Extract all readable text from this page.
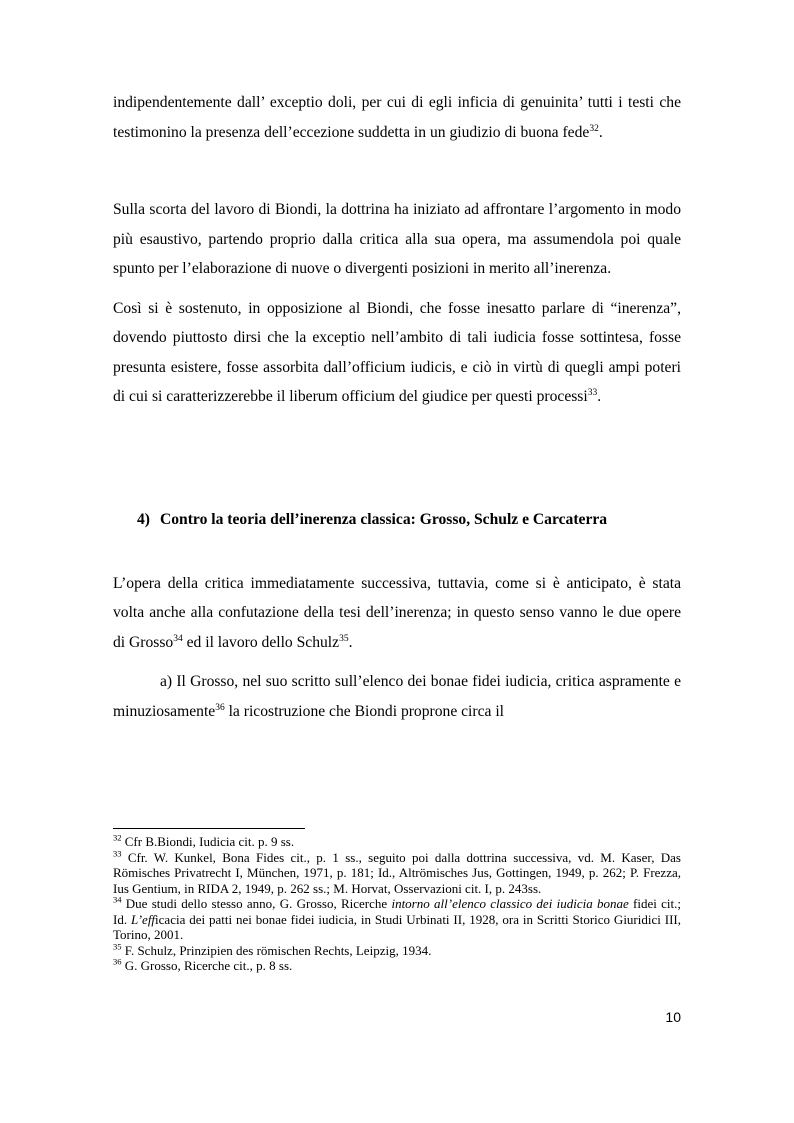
indipendentemente dall’ exceptio doli, per cui di egli inficia di genuinita’ tutti i testi che testimonino la presenza dell’eccezione suddetta in un giudizio di buona fede$^{32}$.

Sulla scorta del lavoro di Biondi, la dottrina ha iniziato ad affrontare l’argomento in modo più esaustivo, partendo proprio dalla critica alla sua opera, ma assumendola poi quale spunto per l’elaborazione di nuove o divergenti posizioni in merito all’inerenza.

Così si è sostenuto, in opposizione al Biondi, che fosse inesatto parlare di “inerenza”, dovendo piuttosto dirsi che la exceptio nell’ambito di tali iudicia fosse sottintesa, fosse presunta esistere, fosse assorbita dall’officium iudicis, e ciò in virtù di quegli ampi poteri di cui si caratterizzerebbe il liberum officium del giudice per questi processi$^{33}$.

4) Contro la teoria dell’inerenza classica: Grosso, Schulz e Carcaterra

L’opera della critica immediatamente successiva, tuttavia, come si è anticipato, è stata volta anche alla confutazione della tesi dell’inerenza; in questo senso vanno le due opere di Grosso$^{34}$ ed il lavoro dello Schulz$^{35}$.

a) Il Grosso, nel suo scritto sull’elenco dei bonae fidei iudicia, critica aspramente e minuziosamente$^{36}$ la ricostruzione che Biondi proprone circa il

$^{32}$ Cfr B.Biondi, Iudicia cit. p. 9 ss.

$^{33}$ Cfr. W. Kunkel, Bona Fides cit., p. 1 ss., seguito poi dalla dottrina successiva, vd. M. Kaser, Das Römisches Privatrecht I, München, 1971, p. 181; Id., Altrömisches Jus, Gottingen, 1949, p. 262; P. Frezza, Ius Gentium, in RIDA 2, 1949, p. 262 ss.; M. Horvat, Osservazioni cit. I, p. 243ss.

$^{34}$ Due studi dello stesso anno, G. Grosso, Ricerche intorno all’elenco classico dei iudicia bonae fidei cit.; Id. L’efficacia dei patti nei bonae fidei iudicia, in Studi Urbinati II, 1928, ora in Scritti Storico Giuridici III, Torino, 2001.

$^{35}$ F. Schulz, Prinzipien des römischen Rechts, Leipzig, 1934.

$^{36}$ G. Grosso, Ricerche cit., p. 8 ss.

10
